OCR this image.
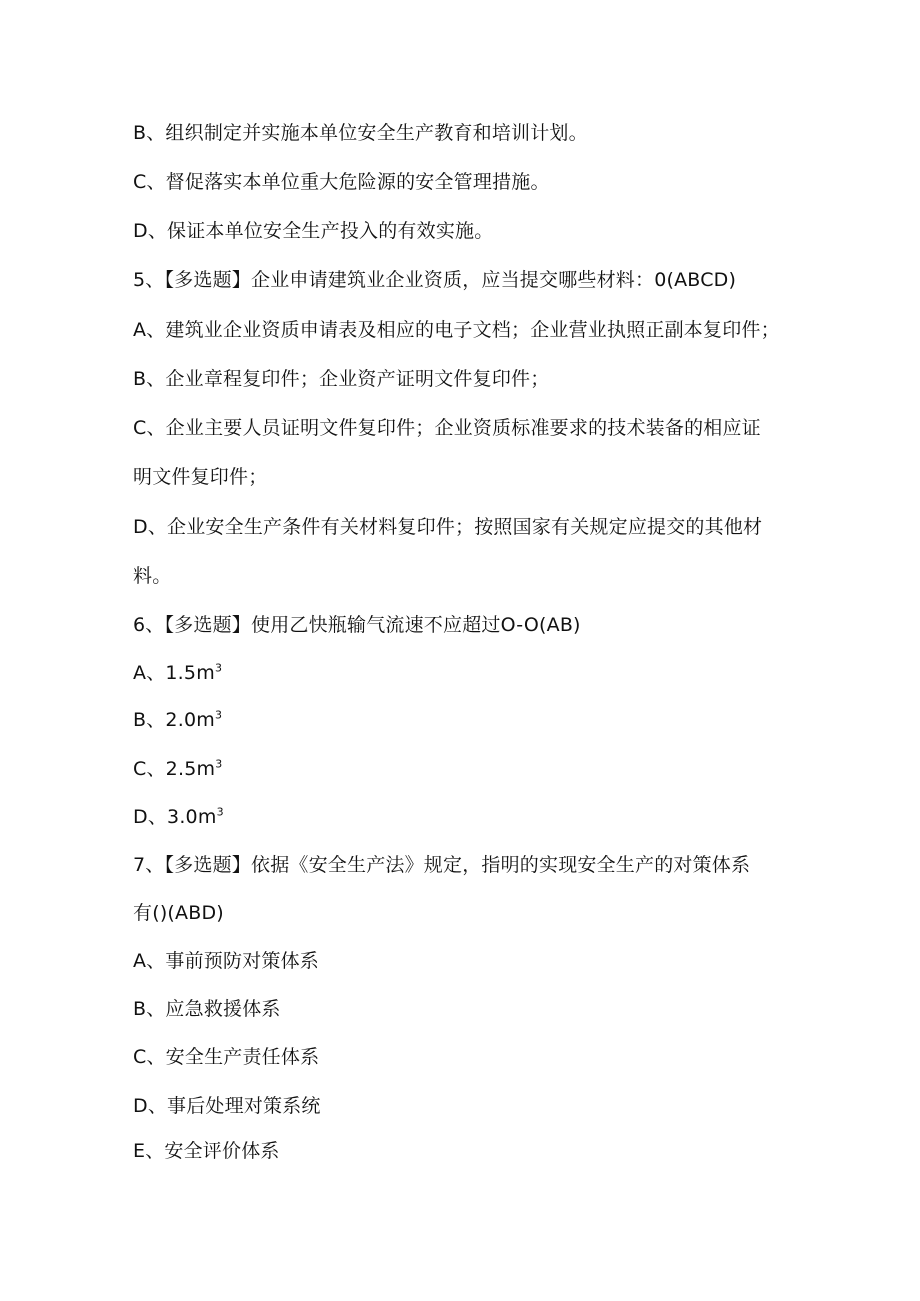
B、组织制定并实施本单位安全生产教育和培训计划。
C、督促落实本单位重大危险源的安全管理措施。
D、保证本单位安全生产投入的有效实施。
5、【多选题】企业申请建筑业企业资质，应当提交哪些材料：0(ABCD)
A、建筑业企业资质申请表及相应的电子文档；企业营业执照正副本复印件；
B、企业章程复印件；企业资产证明文件复印件；
C、企业主要人员证明文件复印件；企业资质标准要求的技术装备的相应证
明文件复印件；
D、企业安全生产条件有关材料复印件；按照国家有关规定应提交的其他材
料。
6、【多选题】使用乙快瓶输气流速不应超过O-O(AB)
A、$1.5m^3$
B、$2.0m^3$
C、$2.5m^3$
D、$3.0m^3$
7、【多选题】依据《安全生产法》规定，指明的实现安全生产的对策体系
有()(ABD)
A、事前预防对策体系
B、应急救援体系
C、安全生产责任体系
D、事后处理对策系统
E、安全评价体系
